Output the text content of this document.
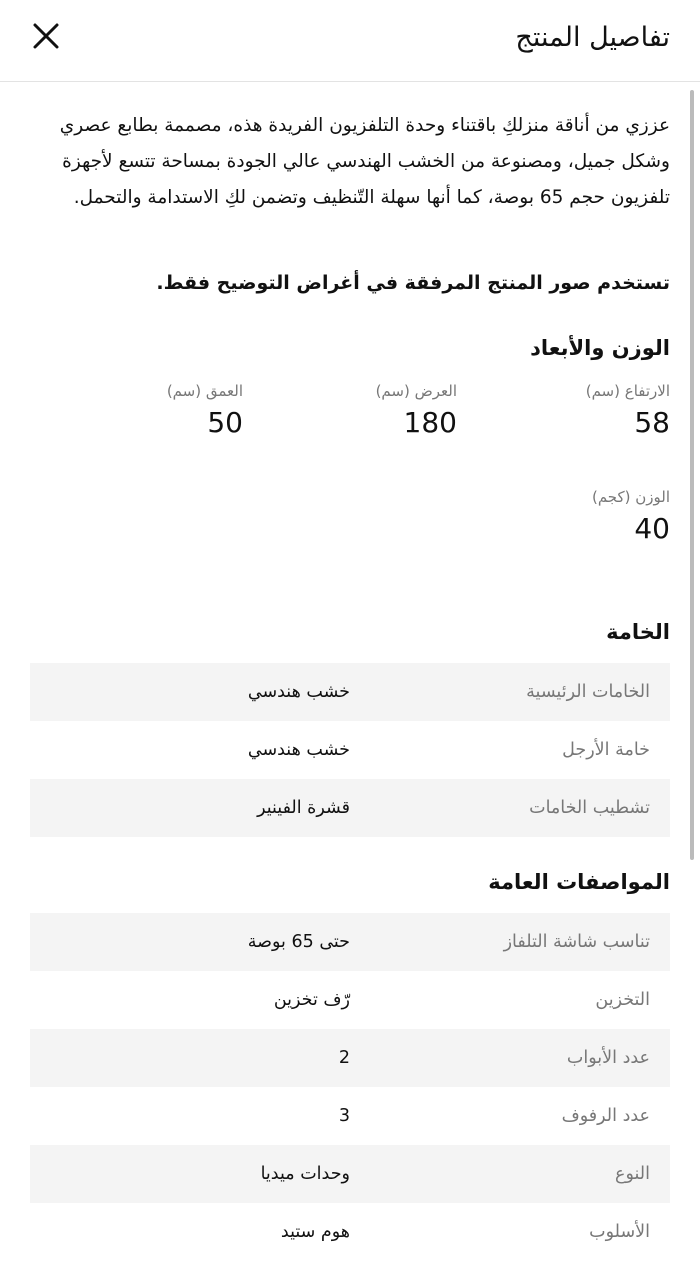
تفاصيل المنتج
عززي من أناقة منزلكِ باقتناء وحدة التلفزيون الفريدة هذه، مصممة بطابع عصري وشكل جميل، ومصنوعة من الخشب الهندسي عالي الجودة بمساحة تتسع لأجهزة تلفزيون حجم 65 بوصة، كما أنها سهلة التّنظيف وتضمن لكِ الاستدامة والتحمل.
تستخدم صور المنتج المرفقة في أغراض التوضيح فقط.
الوزن والأبعاد
الارتفاع (سم)
58
العرض (سم)
180
العمق (سم)
50
الوزن (كجم)
40
الخامة
الخامات الرئيسية
خشب هندسي
خامة الأرجل
خشب هندسي
تشطيب الخامات
قشرة الفينير
المواصفات العامة
تناسب شاشة التلفاز
حتى 65 بوصة
التخزين
رّف تخزين
عدد الأبواب
2
عدد الرفوف
3
النوع
وحدات ميديا
الأسلوب
هوم ستيد
